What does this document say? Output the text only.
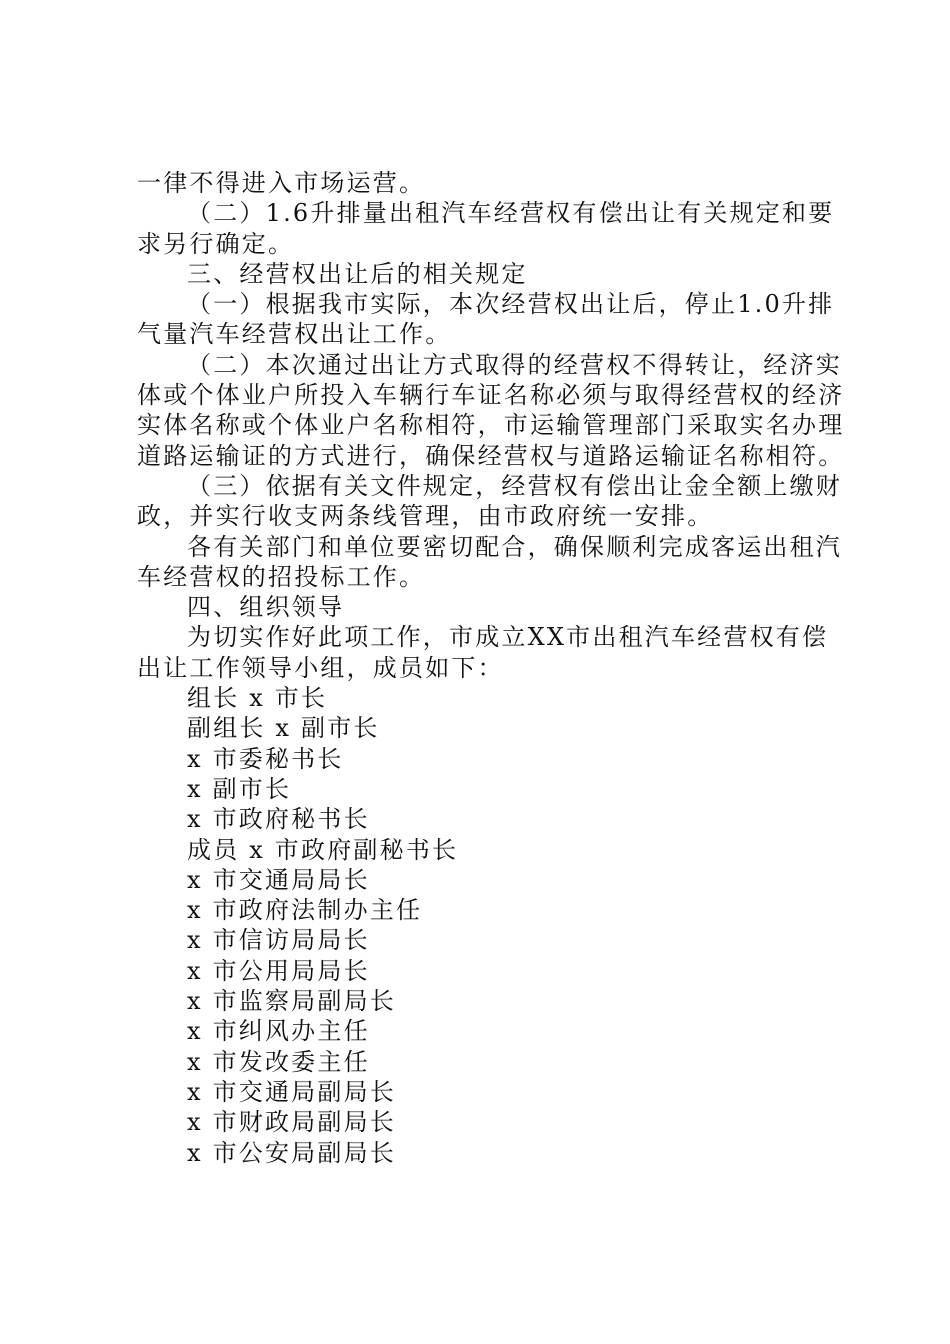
一律不得进入市场运营。

（二）1.6升排量出租汽车经营权有偿出让有关规定和要

求另行确定。

三、经营权出让后的相关规定

（一）根据我市实际，本次经营权出让后，停止1.0升排

气量汽车经营权出让工作。

（二）本次通过出让方式取得的经营权不得转让，经济实

体或个体业户所投入车辆行车证名称必须与取得经营权的经济

实体名称或个体业户名称相符，市运输管理部门采取实名办理

道路运输证的方式进行，确保经营权与道路运输证名称相符。

（三）依据有关文件规定，经营权有偿出让金全额上缴财

政，并实行收支两条线管理，由市政府统一安排。

各有关部门和单位要密切配合，确保顺利完成客运出租汽

车经营权的招投标工作。

四、组织领导

为切实作好此项工作，市成立XX市出租汽车经营权有偿

出让工作领导小组，成员如下：

组长 x 市长

副组长 x 副市长

x 市委秘书长

x 副市长

x 市政府秘书长

成员 x 市政府副秘书长

x 市交通局局长

x 市政府法制办主任

x 市信访局局长

x 市公用局局长

x 市监察局副局长

x 市纠风办主任

x 市发改委主任

x 市交通局副局长

x 市财政局副局长

x 市公安局副局长
